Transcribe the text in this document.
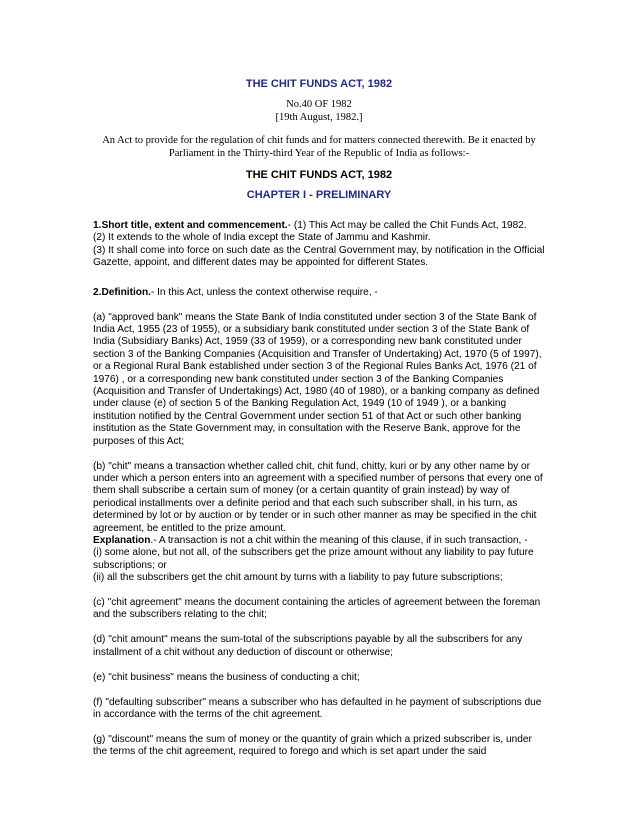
THE CHIT FUNDS ACT, 1982
No.40 OF 1982
[19th August, 1982.]
An Act to provide for the regulation of chit funds and for matters connected therewith. Be it enacted by Parliament in the Thirty-third Year of the Republic of India as follows:-
THE CHIT FUNDS ACT, 1982
CHAPTER I - PRELIMINARY

1.Short title, extent and commencement.- (1) This Act may be called the Chit Funds Act, 1982.
(2) It extends to the whole of India except the State of Jammu and Kashmir.
(3) It shall come into force on such date as the Central Government may, by notification in the Official Gazette, appoint, and different dates may be appointed for different States.

2.Definition.- In this Act, unless the context otherwise require, -

(a) "approved bank" means the State Bank of India constituted under section 3 of the State Bank of India Act, 1955 (23 of 1955), or a subsidiary bank constituted under section 3 of the State Bank of India (Subsidiary Banks) Act, 1959 (33 of 1959), or a corresponding new bank constituted under section 3 of the Banking Companies (Acquisition and Transfer of Undertaking) Act, 1970 (5 of 1997), or a Regional Rural Bank established under section 3 of the Regional Rules Banks Act, 1976 (21 of 1976) , or a corresponding new bank constituted under section 3 of the Banking Companies (Acquisition and Transfer of Undertakings) Act, 1980 (40 of 1980), or a banking company as defined under clause (e) of section 5 of the Banking Regulation Act, 1949 (10 of 1949 ), or a banking institution notified by the Central Government under section 51 of that Act or such other banking institution as the State Government may, in consultation with the Reserve Bank, approve for the purposes of this Act;

(b) "chit" means a transaction whether called chit, chit fund, chitty, kuri or by any other name by or under which a person enters into an agreement with a specified number of persons that every one of them shall subscribe a certain sum of money (or a certain quantity of grain instead) by way of periodical installments over a definite period and that each such subscriber shall, in his turn, as determined by lot or by auction or by tender or in such other manner as may be specified in the chit agreement, be entitled to the prize amount.

Explanation.- A transaction is not a chit within the meaning of this clause, if in such transaction, -
(i) some alone, but not all, of the subscribers get the prize amount without any liability to pay future subscriptions; or
(ii) all the subscribers get the chit amount by turns with a liability to pay future subscriptions;

(c) "chit agreement" means the document containing the articles of agreement between the foreman and the subscribers relating to the chit;

(d) "chit amount" means the sum-total of the subscriptions payable by all the subscribers for any installment of a chit without any deduction of discount or otherwise;

(e) "chit business" means the business of conducting a chit;

(f) "defaulting subscriber" means a subscriber who has defaulted in he payment of subscriptions due in accordance with the terms of the chit agreement.

(g) "discount" means the sum of money or the quantity of grain which a prized subscriber is, under the terms of the chit agreement, required to forego and which is set apart under the said
